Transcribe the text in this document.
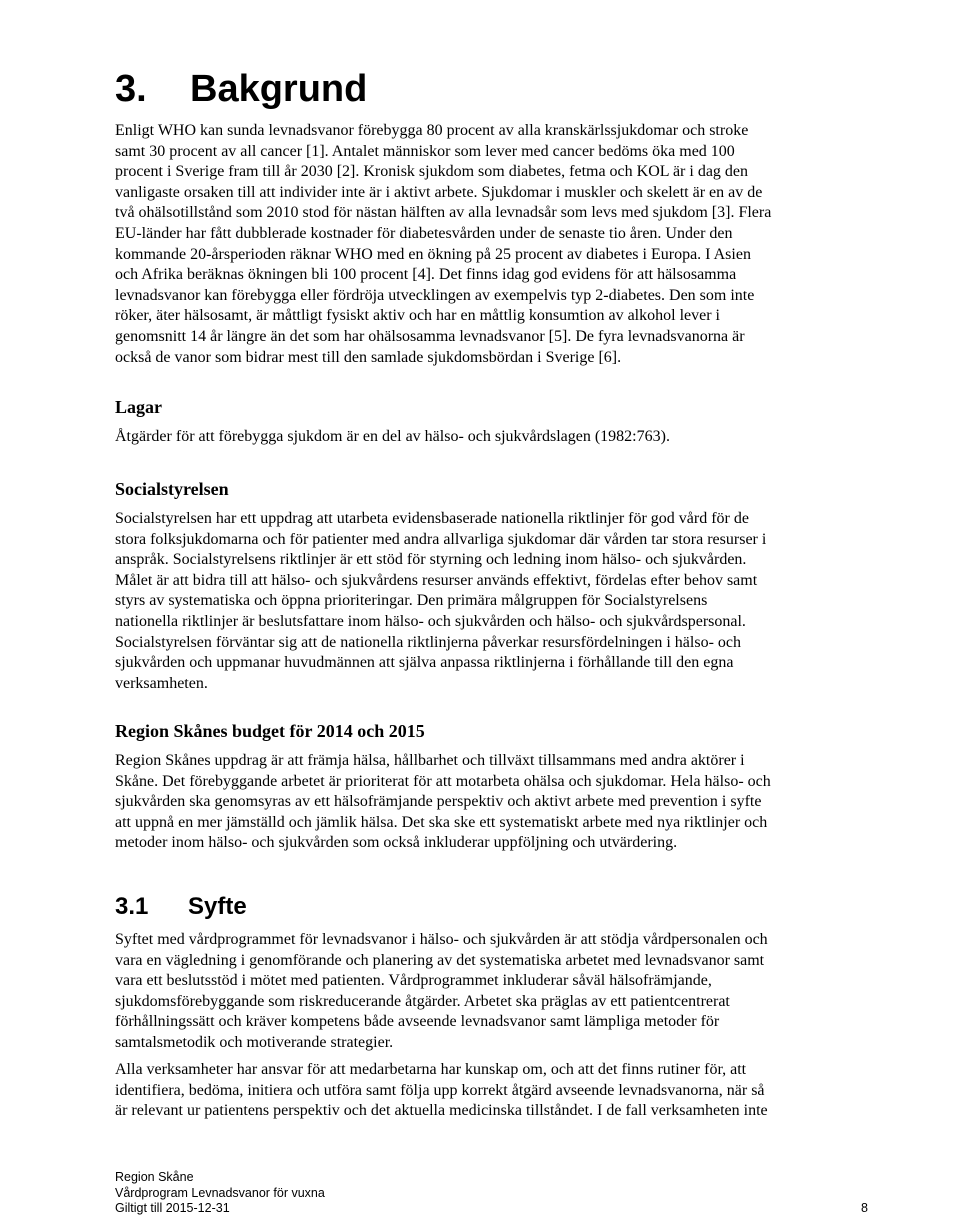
3. Bakgrund
Enligt WHO kan sunda levnadsvanor förebygga 80 procent av alla kranskärlssjukdomar och stroke
samt 30 procent av all cancer [1]. Antalet människor som lever med cancer bedöms öka med 100
procent i Sverige fram till år 2030 [2]. Kronisk sjukdom som diabetes, fetma och KOL är i dag den
vanligaste orsaken till att individer inte är i aktivt arbete. Sjukdomar i muskler och skelett är en av de
två ohälsotillstånd som 2010 stod för nästan hälften av alla levnadsår som levs med sjukdom [3]. Flera
EU-länder har fått dubblerade kostnader för diabetesvården under de senaste tio åren. Under den
kommande 20-årsperioden räknar WHO med en ökning på 25 procent av diabetes i Europa. I Asien
och Afrika beräknas ökningen bli 100 procent [4]. Det finns idag god evidens för att hälsosamma
levnadsvanor kan förebygga eller fördröja utvecklingen av exempelvis typ 2-diabetes. Den som inte
röker, äter hälsosamt, är måttligt fysiskt aktiv och har en måttlig konsumtion av alkohol lever i
genomsnitt 14 år längre än det som har ohälsosamma levnadsvanor [5]. De fyra levnadsvanorna är
också de vanor som bidrar mest till den samlade sjukdomsbördan i Sverige [6].
Lagar
Åtgärder för att förebygga sjukdom är en del av hälso- och sjukvårdslagen (1982:763).
Socialstyrelsen
Socialstyrelsen har ett uppdrag att utarbeta evidensbaserade nationella riktlinjer för god vård för de
stora folksjukdomarna och för patienter med andra allvarliga sjukdomar där vården tar stora resurser i
anspråk. Socialstyrelsens riktlinjer är ett stöd för styrning och ledning inom hälso- och sjukvården.
Målet är att bidra till att hälso- och sjukvårdens resurser används effektivt, fördelas efter behov samt
styrs av systematiska och öppna prioriteringar. Den primära målgruppen för Socialstyrelsens
nationella riktlinjer är beslutsfattare inom hälso- och sjukvården och hälso- och sjukvårdspersonal.
Socialstyrelsen förväntar sig att de nationella riktlinjerna påverkar resursfördelningen i hälso- och
sjukvården och uppmanar huvudmännen att själva anpassa riktlinjerna i förhållande till den egna
verksamheten.
Region Skånes budget för 2014 och 2015
Region Skånes uppdrag är att främja hälsa, hållbarhet och tillväxt tillsammans med andra aktörer i
Skåne. Det förebyggande arbetet är prioriterat för att motarbeta ohälsa och sjukdomar. Hela hälso- och
sjukvården ska genomsyras av ett hälsofrämjande perspektiv och aktivt arbete med prevention i syfte
att uppnå en mer jämställd och jämlik hälsa. Det ska ske ett systematiskt arbete med nya riktlinjer och
metoder inom hälso- och sjukvården som också inkluderar uppföljning och utvärdering.
3.1 Syfte
Syftet med vårdprogrammet för levnadsvanor i hälso- och sjukvården är att stödja vårdpersonalen och
vara en vägledning i genomförande och planering av det systematiska arbetet med levnadsvanor samt
vara ett beslutsstöd i mötet med patienten. Vårdprogrammet inkluderar såväl hälsofrämjande,
sjukdomsförebyggande som riskreducerande åtgärder. Arbetet ska präglas av ett patientcentrerat
förhållningssätt och kräver kompetens både avseende levnadsvanor samt lämpliga metoder för
samtalsmetodik och motiverande strategier.
Alla verksamheter har ansvar för att medarbetarna har kunskap om, och att det finns rutiner för, att
identifiera, bedöma, initiera och utföra samt följa upp korrekt åtgärd avseende levnadsvanorna, när så
är relevant ur patientens perspektiv och det aktuella medicinska tillståndet. I de fall verksamheten inte
Region Skåne
Vårdprogram Levnadsvanor för vuxna
Giltigt till 2015-12-31	8
